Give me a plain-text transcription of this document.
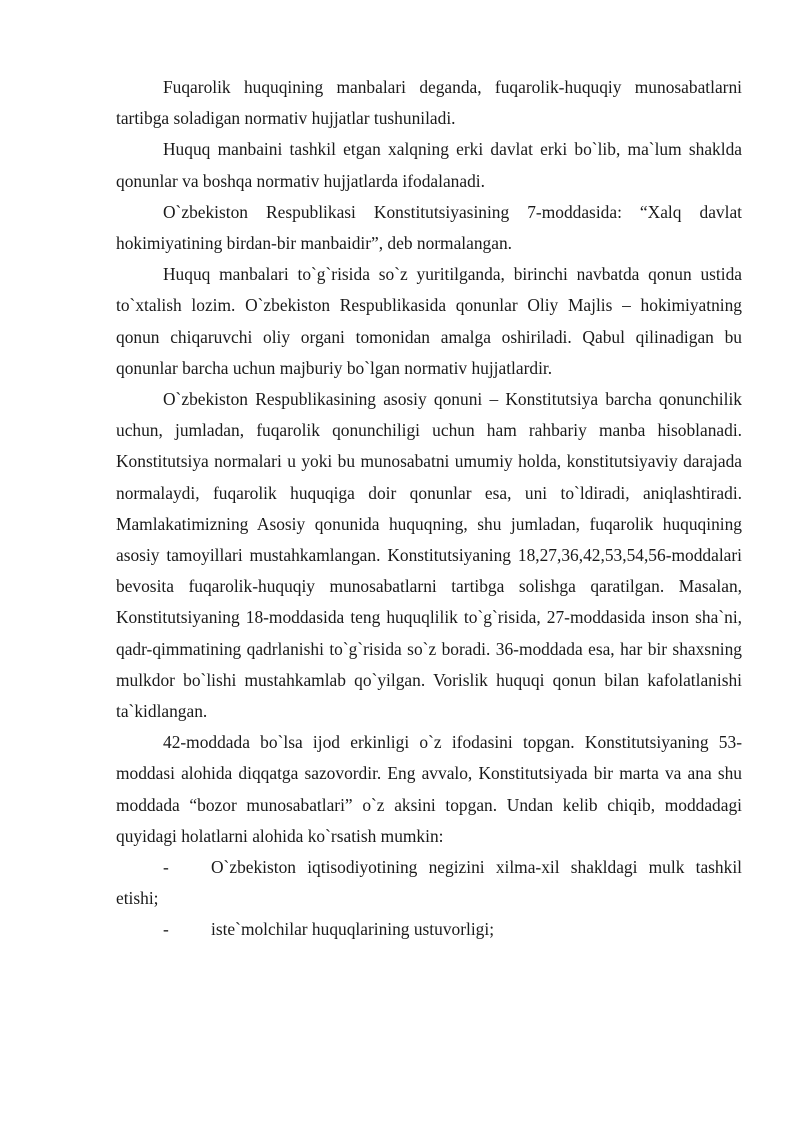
Fuqarolik huquqining manbalari deganda, fuqarolik-huquqiy munosabatlarni tartibga soladigan normativ hujjatlar tushuniladi.

Huquq manbaini tashkil etgan xalqning erki davlat erki bo`lib, ma`lum shaklda qonunlar va boshqa normativ hujjatlarda ifodalanadi.

O`zbekiston Respublikasi Konstitutsiyasining 7-moddasida: “Xalq davlat hokimiyatining birdan-bir manbaidir”, deb normalangan.

Huquq manbalari to`g`risida so`z yuritilganda, birinchi navbatda qonun ustida to`xtalish lozim. O`zbekiston Respublikasida qonunlar Oliy Majlis – hokimiyatning qonun chiqaruvchi oliy organi tomonidan amalga oshiriladi. Qabul qilinadigan bu qonunlar barcha uchun majburiy bo`lgan normativ hujjatlardir.

O`zbekiston Respublikasining asosiy qonuni – Konstitutsiya barcha qonunchilik uchun, jumladan, fuqarolik qonunchiligi uchun ham rahbariy manba hisoblanadi. Konstitutsiya normalari u yoki bu munosabatni umumiy holda, konstitutsiyaviy darajada normalaydi, fuqarolik huquqiga doir qonunlar esa, uni to`ldiradi, aniqlashtiradi. Mamlakatimizning Asosiy qonunida huquqning, shu jumladan, fuqarolik huquqining asosiy tamoyillari mustahkamlangan. Konstitutsiyaning 18,27,36,42,53,54,56-moddalari bevosita fuqarolik-huquqiy munosabatlarni tartibga solishga qaratilgan. Masalan, Konstitutsiyaning 18-moddasida teng huquqlilik to`g`risida, 27-moddasida inson sha`ni, qadr-qimmatining qadrlanishi to`g`risida so`z boradi. 36-moddada esa, har bir shaxsning mulkdor bo`lishi mustahkamlab qo`yilgan. Vorislik huquqi qonun bilan kafolatlanishi ta`kidlangan.

42-moddada bo`lsa ijod erkinligi o`z ifodasini topgan. Konstitutsiyaning 53-moddasi alohida diqqatga sazovordir. Eng avvalo, Konstitutsiyada bir marta va ana shu moddada “bozor munosabatlari” o`z aksini topgan. Undan kelib chiqib, moddadagi quyidagi holatlarni alohida ko`rsatish mumkin:

- O`zbekiston iqtisodiyotining negizini xilma-xil shakldagi mulk tashkil etishi;

- iste`molchilar huquqlarining ustuvorligi;
